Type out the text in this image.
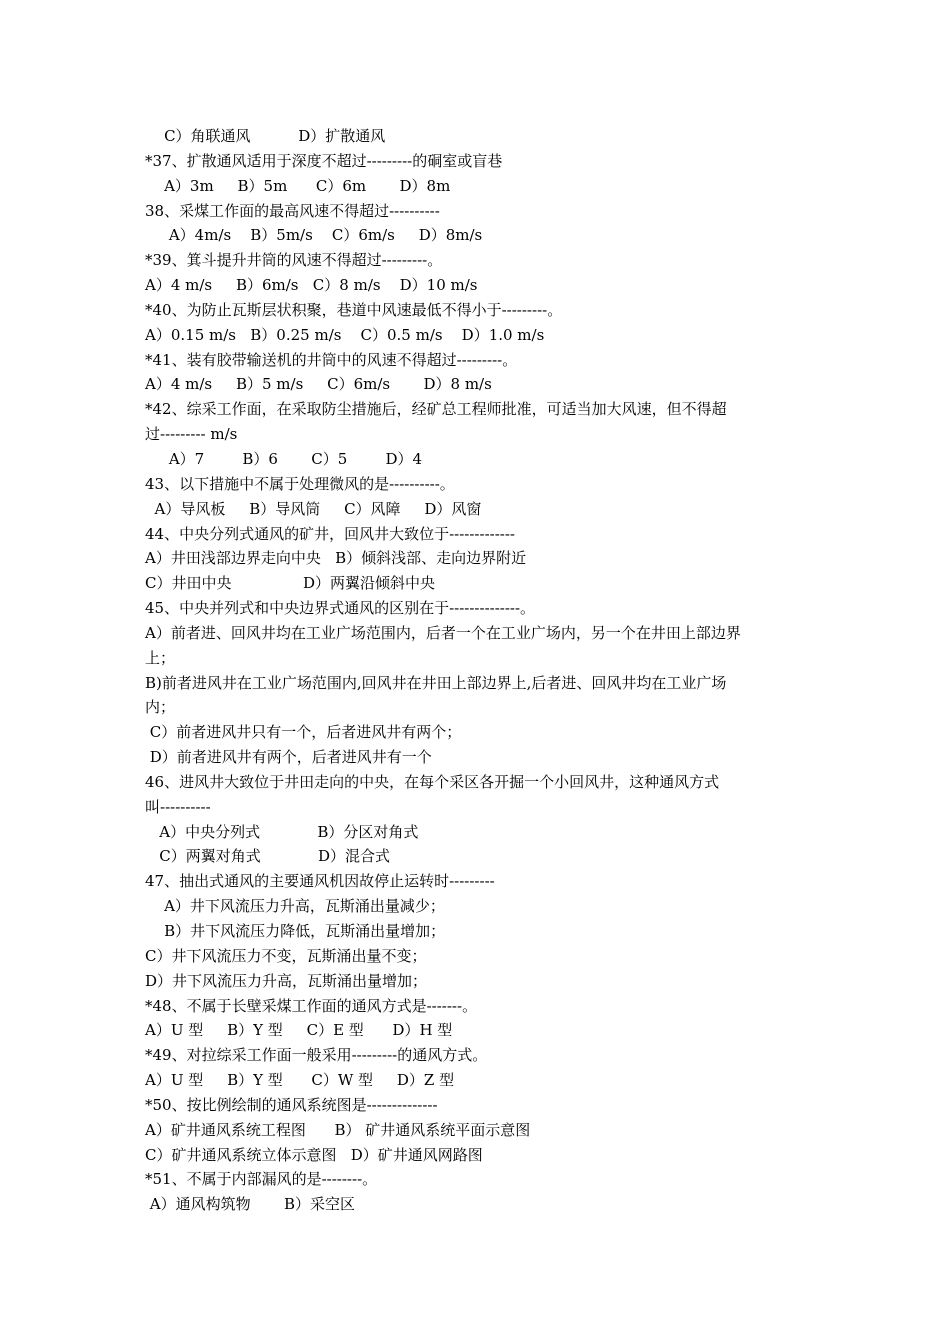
C）角联通风          D）扩散通风
*37、扩散通风适用于深度不超过---------的硐室或盲巷
A）3m     B）5m      C）6m       D）8m
38、采煤工作面的最高风速不得超过----------
A）4m/s    B）5m/s    C）6m/s     D）8m/s
*39、箕斗提升井筒的风速不得超过---------。
A）4 m/s     B）6m/s   C）8 m/s    D）10 m/s
*40、为防止瓦斯层状积聚，巷道中风速最低不得小于---------。
A）0.15 m/s   B）0.25 m/s    C）0.5 m/s    D）1.0 m/s
*41、装有胶带输送机的井筒中的风速不得超过---------。
A）4 m/s     B）5 m/s     C）6m/s       D）8 m/s
*42、综采工作面，在采取防尘措施后，经矿总工程师批准，可适当加大风速，但不得超
过--------- m/s
A）7        B）6       C）5        D）4
43、以下措施中不属于处理微风的是----------。
A）导风板     B）导风筒     C）风障     D）风窗
44、中央分列式通风的矿井，回风井大致位于-------------
A）井田浅部边界走向中央   B）倾斜浅部、走向边界附近
C）井田中央               D）两翼沿倾斜中央
45、中央并列式和中央边界式通风的区别在于--------------。
A）前者进、回风井均在工业广场范围内，后者一个在工业广场内，另一个在井田上部边界
上；
B)前者进风井在工业广场范围内,回风井在井田上部边界上,后者进、回风井均在工业广场
内；
C）前者进风井只有一个，后者进风井有两个；
D）前者进风井有两个，后者进风井有一个
46、进风井大致位于井田走向的中央，在每个采区各开掘一个小回风井，这种通风方式
叫----------
A）中央分列式            B）分区对角式
C）两翼对角式            D）混合式
47、抽出式通风的主要通风机因故停止运转时---------
A）井下风流压力升高，瓦斯涌出量减少；
B）井下风流压力降低，瓦斯涌出量增加；
C）井下风流压力不变，瓦斯涌出量不变；
D）井下风流压力升高，瓦斯涌出量增加；
*48、不属于长壁采煤工作面的通风方式是-------。
A）U 型     B）Y 型     C）E 型      D）H 型
*49、对拉综采工作面一般采用---------的通风方式。
A）U 型     B）Y 型      C）W 型     D）Z 型
*50、按比例绘制的通风系统图是--------------
A）矿井通风系统工程图      B） 矿井通风系统平面示意图
C）矿井通风系统立体示意图   D）矿井通风网路图
*51、不属于内部漏风的是--------。
A）通风构筑物       B）采空区
